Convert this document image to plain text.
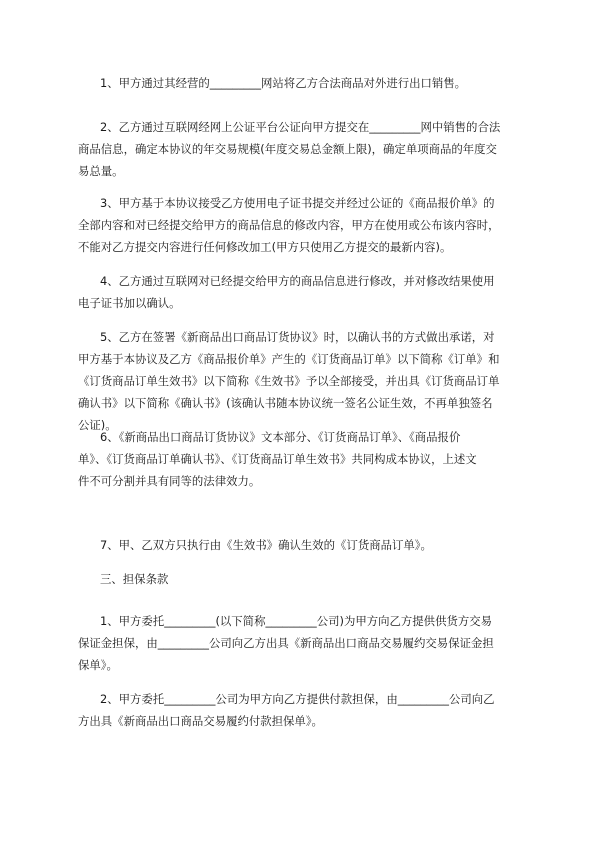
1、甲方通过其经营的_________网站将乙方合法商品对外进行出口销售。

2、乙方通过互联网经网上公证平台公证向甲方提交在_________网中销售的合法
商品信息，确定本协议的年交易规模(年度交易总金额上限)，确定单项商品的年度交
易总量。

3、甲方基于本协议接受乙方使用电子证书提交并经过公证的《商品报价单》的
全部内容和对已经提交给甲方的商品信息的修改内容，甲方在使用或公布该内容时，
不能对乙方提交内容进行任何修改加工(甲方只使用乙方提交的最新内容)。

4、乙方通过互联网对已经提交给甲方的商品信息进行修改，并对修改结果使用
电子证书加以确认。

5、乙方在签署《新商品出口商品订货协议》时，以确认书的方式做出承诺，对
甲方基于本协议及乙方《商品报价单》产生的《订货商品订单》以下简称《订单》和
《订货商品订单生效书》以下简称《生效书》予以全部接受，并出具《订货商品订单
确认书》以下简称《确认书》(该确认书随本协议统一签名公证生效，不再单独签名
公证)。

6、《新商品出口商品订货协议》文本部分、《订货商品订单》、《商品报价
单》、《订货商品订单确认书》、《订货商品订单生效书》共同构成本协议，上述文
件不可分割并具有同等的法律效力。

7、甲、乙双方只执行由《生效书》确认生效的《订货商品订单》。

三、担保条款

1、甲方委托_________(以下简称_________公司)为甲方向乙方提供供货方交易
保证金担保，由_________公司向乙方出具《新商品出口商品交易履约交易保证金担
保单》。

2、甲方委托_________公司为甲方向乙方提供付款担保，由_________公司向乙
方出具《新商品出口商品交易履约付款担保单》。
